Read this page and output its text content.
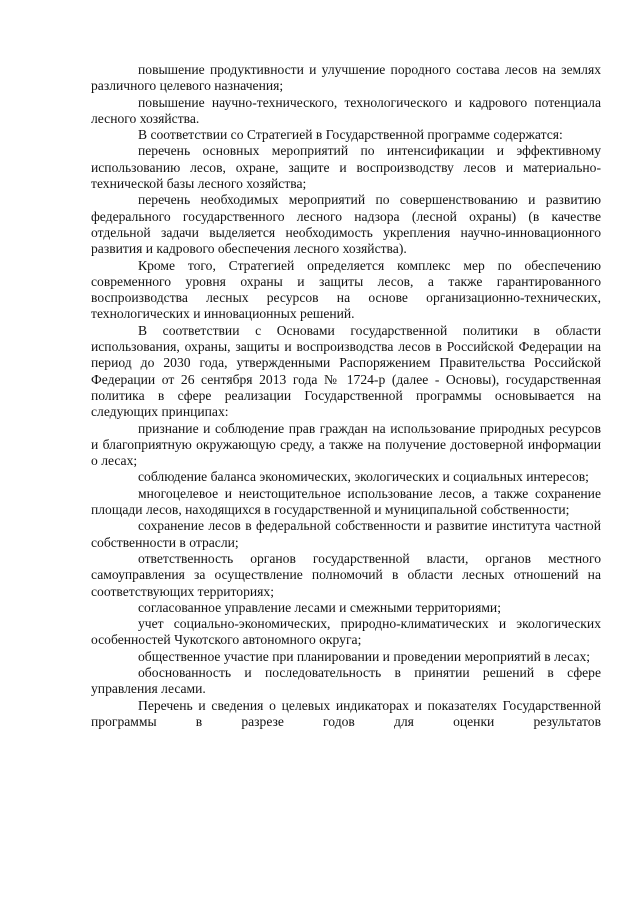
повышение продуктивности и улучшение породного состава лесов на землях различного целевого назначения;

повышение научно-технического, технологического и кадрового потенциала лесного хозяйства.

В соответствии со Стратегией в Государственной программе содержатся:

перечень основных мероприятий по интенсификации и эффективному использованию лесов, охране, защите и воспроизводству лесов и материально-технической базы лесного хозяйства;

перечень необходимых мероприятий по совершенствованию и развитию федерального государственного лесного надзора (лесной охраны) (в качестве отдельной задачи выделяется необходимость укрепления научно-инновационного развития и кадрового обеспечения лесного хозяйства).

Кроме того, Стратегией определяется комплекс мер по обеспечению современного уровня охраны и защиты лесов, а также гарантированного воспроизводства лесных ресурсов на основе организационно-технических, технологических и инновационных решений.

В соответствии с Основами государственной политики в области использования, охраны, защиты и воспроизводства лесов в Российской Федерации на период до 2030 года, утвержденными Распоряжением Правительства Российской Федерации от 26 сентября 2013 года № 1724-р (далее - Основы), государственная политика в сфере реализации Государственной программы основывается на следующих принципах:

признание и соблюдение прав граждан на использование природных ресурсов и благоприятную окружающую среду, а также на получение достоверной информации о лесах;

соблюдение баланса экономических, экологических и социальных интересов;

многоцелевое и неистощительное использование лесов, а также сохранение площади лесов, находящихся в государственной и муниципальной собственности;

сохранение лесов в федеральной собственности и развитие института частной собственности в отрасли;

ответственность органов государственной власти, органов местного самоуправления за осуществление полномочий в области лесных отношений на соответствующих территориях;

согласованное управление лесами и смежными территориями;

учет социально-экономических, природно-климатических и экологических особенностей Чукотского автономного округа;

общественное участие при планировании и проведении мероприятий в лесах;

обоснованность и последовательность в принятии решений в сфере управления лесами.

Перечень и сведения о целевых индикаторах и показателях Государственной программы в разрезе годов для оценки результатов
